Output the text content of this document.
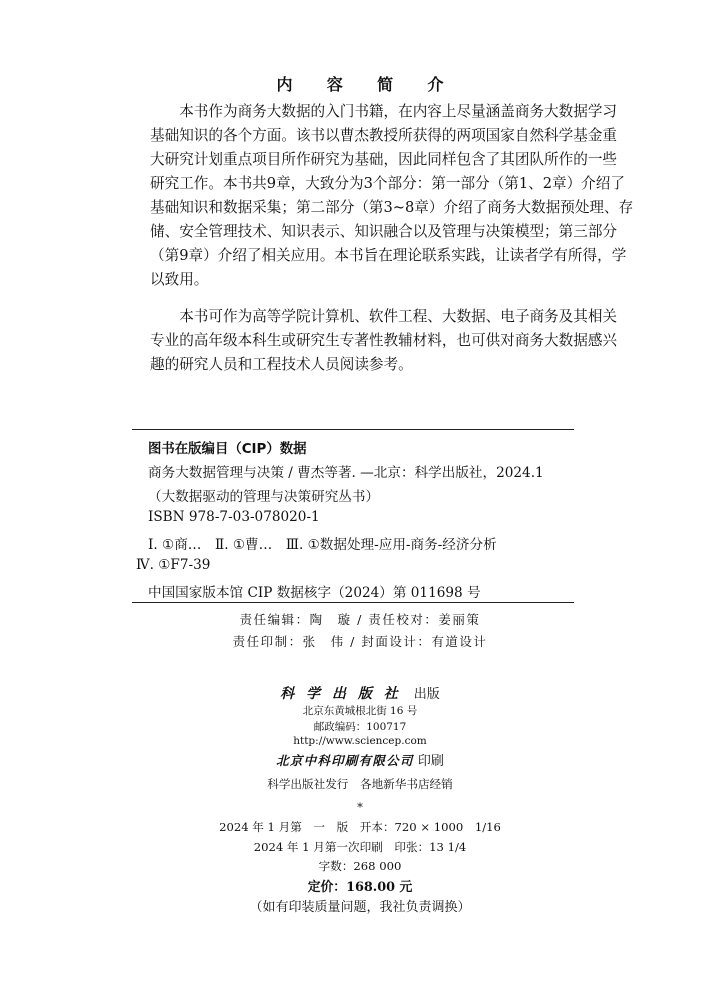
内 容 简 介
　　本书作为商务大数据的入门书籍，在内容上尽量涵盖商务大数据学习
基础知识的各个方面。该书以曹杰教授所获得的两项国家自然科学基金重
大研究计划重点项目所作研究为基础，因此同样包含了其团队所作的一些
研究工作。本书共9章，大致分为3个部分：第一部分（第1、2章）介绍了
基础知识和数据采集；第二部分（第3~8章）介绍了商务大数据预处理、存
储、安全管理技术、知识表示、知识融合以及管理与决策模型；第三部分
（第9章）介绍了相关应用。本书旨在理论联系实践，让读者学有所得，学
以致用。
　　本书可作为高等学院计算机、软件工程、大数据、电子商务及其相关
专业的高年级本科生或研究生专著性教辅材料，也可供对商务大数据感兴
趣的研究人员和工程技术人员阅读参考。
图书在版编目（CIP）数据
商务大数据管理与决策 / 曹杰等著. —北京：科学出版社，2024.1
（大数据驱动的管理与决策研究丛书）
ISBN 978-7-03-078020-1
Ⅰ. ①商…　Ⅱ. ①曹…　Ⅲ. ①数据处理-应用-商务-经济分析
Ⅳ. ①F7-39
中国国家版本馆 CIP 数据核字（2024）第 011698 号
责任编辑：陶　璇 / 责任校对：姜丽策
责任印制：张　伟 / 封面设计：有道设计
科学出版社 出版
北京东黄城根北街 16 号
邮政编码：100717
http://www.sciencep.com
北京中科印刷有限公司 印刷
科学出版社发行　各地新华书店经销
*
2024 年 1 月第　一　版　开本：720 × 1000　1/16
2024 年 1 月第一次印刷　印张：13 1/4
字数：268 000
定价：168.00 元
（如有印装质量问题，我社负责调换）
